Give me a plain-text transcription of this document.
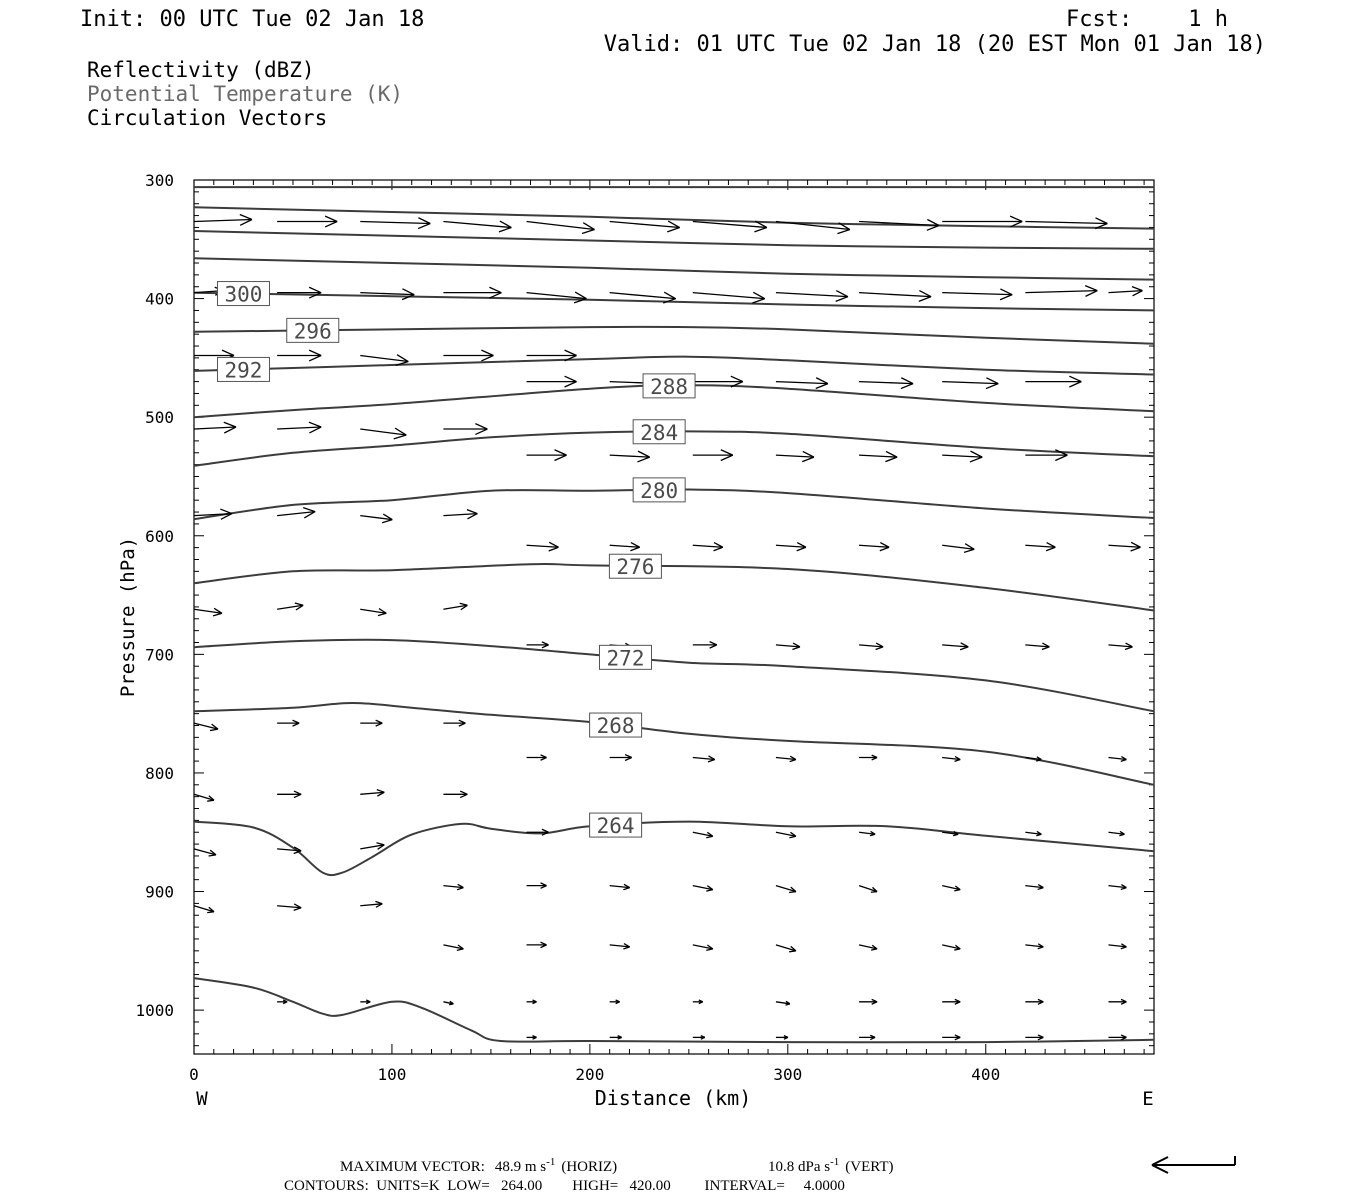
Init: 00 UTC Tue 02 Jan 18	Fcst:	1 h
Valid: 01 UTC Tue 02 Jan 18 (20 EST Mon 01 Jan 18)
Reflectivity (dBZ)
Potential Temperature (K)
Circulation Vectors
300
296
292
288
284
280
276
272
268
264
300
400
500
600
700
800
900
1000
0	100	200	300	400
Pressure (hPa)
Distance (km)
W	E
MAXIMUM VECTOR: 48.9 m $s^{-1}$ (HORIZ)	10.8 dPa $s^{-1}$ (VERT)
CONTOURS:  UNITS=K  LOW=   264.00        HIGH=   420.00         INTERVAL=     4.0000
